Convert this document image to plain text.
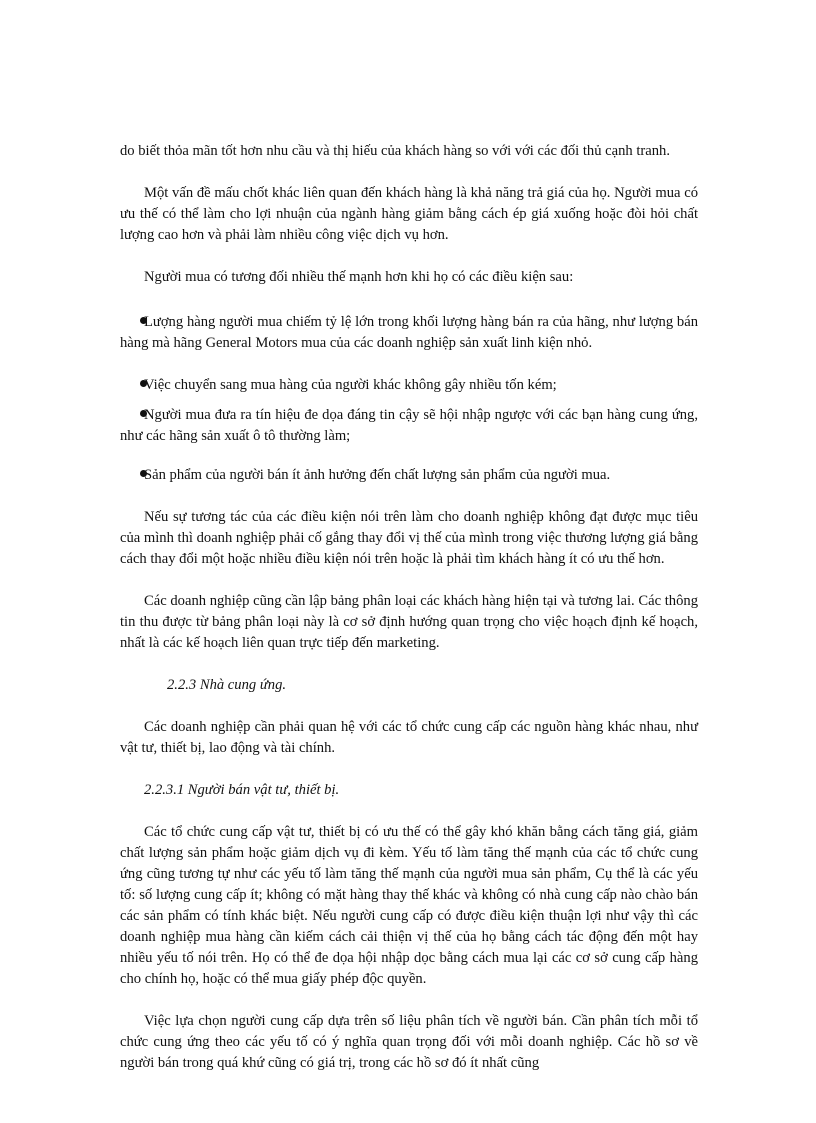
do biết thỏa mãn tốt hơn nhu cầu và thị hiếu của khách hàng so với với các đối thủ cạnh tranh.

Một vấn đề mấu chốt khác liên quan đến khách hàng là khả năng trả giá của họ. Người mua có ưu thế có thể làm cho lợi nhuận của ngành hàng giảm bằng cách ép giá xuống hoặc đòi hỏi chất lượng cao hơn và phải làm nhiều công việc dịch vụ hơn.

Người mua có tương đối nhiều thế mạnh hơn khi họ có các điều kiện sau:

Lượng hàng người mua chiếm tỷ lệ lớn trong khối lượng hàng bán ra của hãng, như lượng bán hàng mà hãng General Motors mua của các doanh nghiệp sản xuất linh kiện nhỏ.
Việc chuyển sang mua hàng của người khác không gây nhiều tốn kém;
Người mua đưa ra tín hiệu đe dọa đáng tin cậy sẽ hội nhập ngược với các bạn hàng cung ứng, như các hãng sản xuất ô tô thường làm;
Sản phẩm của người bán ít ảnh hưởng đến chất lượng sản phẩm của người mua.

Nếu sự tương tác của các điều kiện nói trên làm cho doanh nghiệp không đạt được mục tiêu của mình thì doanh nghiệp phải cố gắng thay đổi vị thế của mình trong việc thương lượng giá bằng cách thay đổi một hoặc nhiều điều kiện nói trên hoặc là phải tìm khách hàng ít có ưu thế hơn.

Các doanh nghiệp cũng cần lập bảng phân loại các khách hàng hiện tại và tương lai. Các thông tin thu được từ bảng phân loại này là cơ sở định hướng quan trọng cho việc hoạch định kế hoạch, nhất là các kế hoạch liên quan trực tiếp đến marketing.

2.2.3 Nhà cung ứng.

Các doanh nghiệp cần phải quan hệ với các tổ chức cung cấp các nguồn hàng khác nhau, như vật tư, thiết bị, lao động và tài chính.

2.2.3.1 Người bán vật tư, thiết bị.

Các tổ chức cung cấp vật tư, thiết bị có ưu thế có thể gây khó khăn bằng cách tăng giá, giảm chất lượng sản phẩm hoặc giảm dịch vụ đi kèm. Yếu tố làm tăng thế mạnh của các tổ chức cung ứng cũng tương tự như các yếu tố làm tăng thế mạnh của người mua sản phẩm, Cụ thể là các yếu tố: số lượng cung cấp ít; không có mặt hàng thay thế khác và không có nhà cung cấp nào chào bán các sản phẩm có tính khác biệt. Nếu người cung cấp có được điều kiện thuận lợi như vậy thì các doanh nghiệp mua hàng cần kiếm cách cải thiện vị thế của họ bằng cách tác động đến một hay nhiều yếu tố nói trên. Họ có thể đe dọa hội nhập dọc bằng cách mua lại các cơ sở cung cấp hàng cho chính họ, hoặc có thể mua giấy phép độc quyền.

Việc lựa chọn người cung cấp dựa trên số liệu phân tích về người bán. Cần phân tích mỗi tổ chức cung ứng theo các yếu tố có ý nghĩa quan trọng đối với mỗi doanh nghiệp. Các hồ sơ về người bán trong quá khứ cũng có giá trị, trong các hồ sơ đó ít nhất cũng
